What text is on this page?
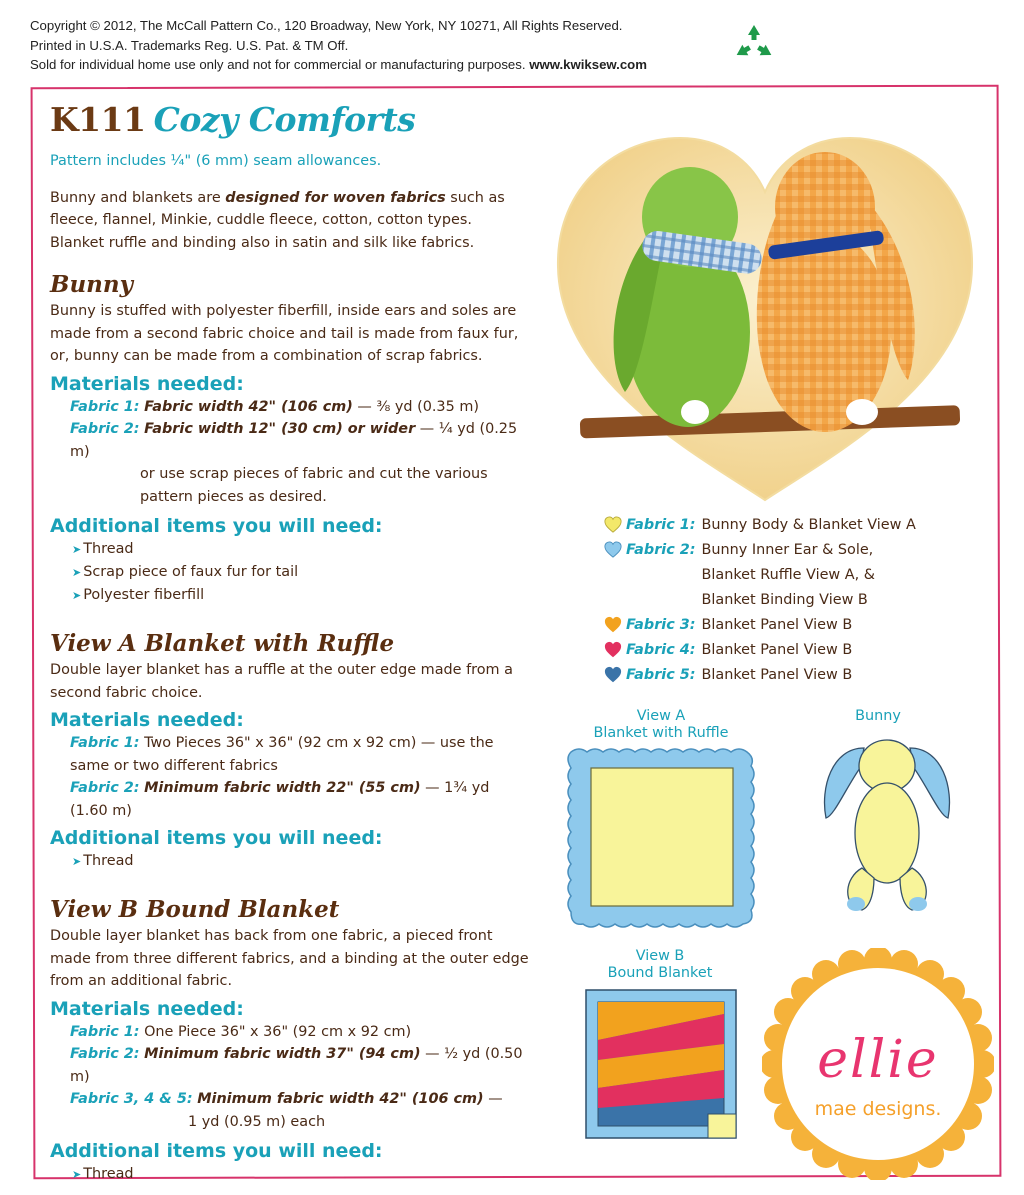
Copyright © 2012, The McCall Pattern Co., 120 Broadway, New York, NY 10271, All Rights Reserved.
Printed in U.S.A. Trademarks Reg. U.S. Pat. & TM Off.
Sold for individual home use only and not for commercial or manufacturing purposes. www.kwiksew.com
K111 Cozy Comforts

Pattern includes ¼" (6 mm) seam allowances.

Bunny and blankets are designed for woven fabrics such as fleece, flannel, Minkie, cuddle fleece, cotton, cotton types. Blanket ruffle and binding also in satin and silk like fabrics.

Bunny

Bunny is stuffed with polyester fiberfill, inside ears and soles are made from a second fabric choice and tail is made from faux fur, or, bunny can be made from a combination of scrap fabrics.

Materials needed:

Fabric 1: Fabric width 42" (106 cm) — ⅜ yd (0.35 m)

Fabric 2: Fabric width 12" (30 cm) or wider — ¼ yd (0.25 m)

or use scrap pieces of fabric and cut the various pattern pieces as desired.

Additional items you will need:

➤ Thread

➤ Scrap piece of faux fur for tail

➤ Polyester fiberfill

View A Blanket with Ruffle

Double layer blanket has a ruffle at the outer edge made from a second fabric choice.

Materials needed:

Fabric 1: Two Pieces 36" x 36" (92 cm x 92 cm) — use the same or two different fabrics

Fabric 2: Minimum fabric width 22" (55 cm) — 1¾ yd (1.60 m)

Additional items you will need:

➤ Thread

View B Bound Blanket

Double layer blanket has back from one fabric, a pieced front made from three different fabrics, and a binding at the outer edge from an additional fabric.

Materials needed:

Fabric 1: One Piece 36" x 36" (92 cm x 92 cm)

Fabric 2: Minimum fabric width 37" (94 cm) — ½ yd (0.50 m)

Fabric 3, 4 & 5: Minimum fabric width 42" (106 cm) —

1 yd (0.95 m) each

Additional items you will need:

➤ Thread

Fabric 1: Bunny Body & Blanket View A
Fabric 2: Bunny Inner Ear & Sole,
Blanket Ruffle View A, &
Blanket Binding View B
Fabric 3: Blanket Panel View B
Fabric 4: Blanket Panel View B
Fabric 5: Blanket Panel View B
View A
Blanket with Ruffle
Bunny
View B
Bound Blanket
ellie
mae designs.
